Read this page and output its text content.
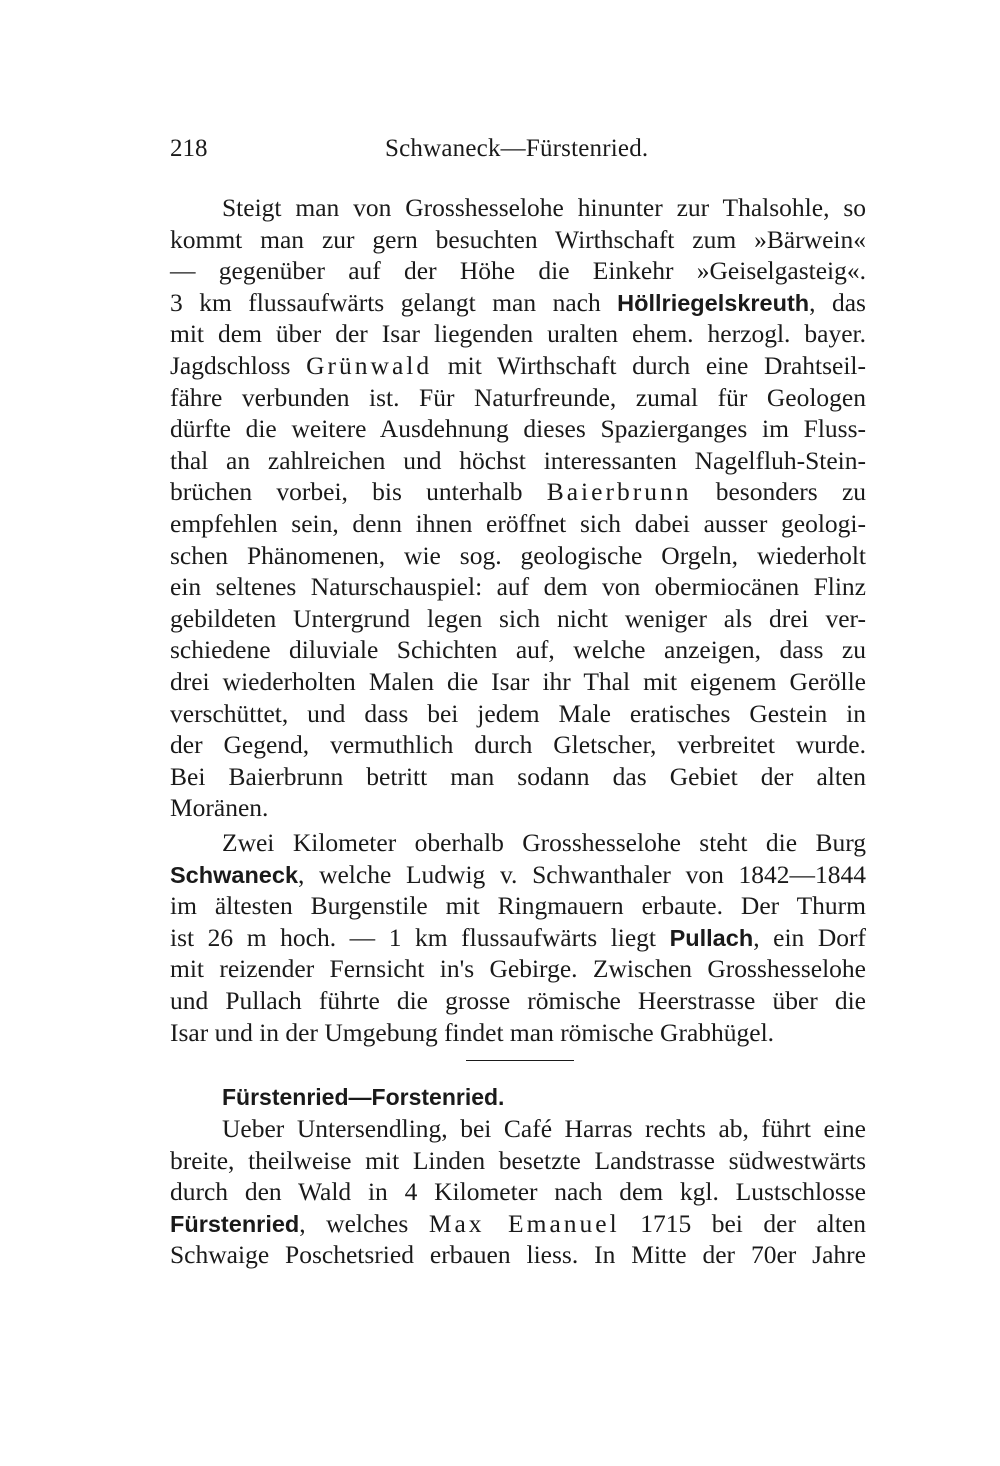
218	Schwaneck—Fürstenried.
Steigt man von Grosshesselohe hinunter zur Thalsohle, so
kommt man zur gern besuchten Wirthschaft zum »Bärwein«
— gegenüber auf der Höhe die Einkehr »Geiselgasteig«.
3 km flussaufwärts gelangt man nach Höllriegelskreuth, das
mit dem über der Isar liegenden uralten ehem. herzogl. bayer.
Jagdschloss Grünwald mit Wirthschaft durch eine Drahtseil-
fähre verbunden ist. Für Naturfreunde, zumal für Geologen
dürfte die weitere Ausdehnung dieses Spazierganges im Fluss-
thal an zahlreichen und höchst interessanten Nagelfluh-Stein-
brüchen vorbei, bis unterhalb Baierbrunn besonders zu
empfehlen sein, denn ihnen eröffnet sich dabei ausser geologi-
schen Phänomenen, wie sog. geologische Orgeln, wiederholt
ein seltenes Naturschauspiel: auf dem von obermiocänen Flinz
gebildeten Untergrund legen sich nicht weniger als drei ver-
schiedene diluviale Schichten auf, welche anzeigen, dass zu
drei wiederholten Malen die Isar ihr Thal mit eigenem Gerölle
verschüttet, und dass bei jedem Male eratisches Gestein in
der Gegend, vermuthlich durch Gletscher, verbreitet wurde.
Bei Baierbrunn betritt man sodann das Gebiet der alten
Moränen.
Zwei Kilometer oberhalb Grosshesselohe steht die Burg
Schwaneck, welche Ludwig v. Schwanthaler von 1842—1844
im ältesten Burgenstile mit Ringmauern erbaute. Der Thurm
ist 26 m hoch. — 1 km flussaufwärts liegt Pullach, ein Dorf
mit reizender Fernsicht in's Gebirge. Zwischen Grosshesselohe
und Pullach führte die grosse römische Heerstrasse über die
Isar und in der Umgebung findet man römische Grabhügel.
Fürstenried—Forstenried.
Ueber Untersendling, bei Café Harras rechts ab, führt eine
breite, theilweise mit Linden besetzte Landstrasse südwestwärts
durch den Wald in 4 Kilometer nach dem kgl. Lustschlosse
Fürstenried, welches Max Emanuel 1715 bei der alten
Schwaige Poschetsried erbauen liess. In Mitte der 70er Jahre
